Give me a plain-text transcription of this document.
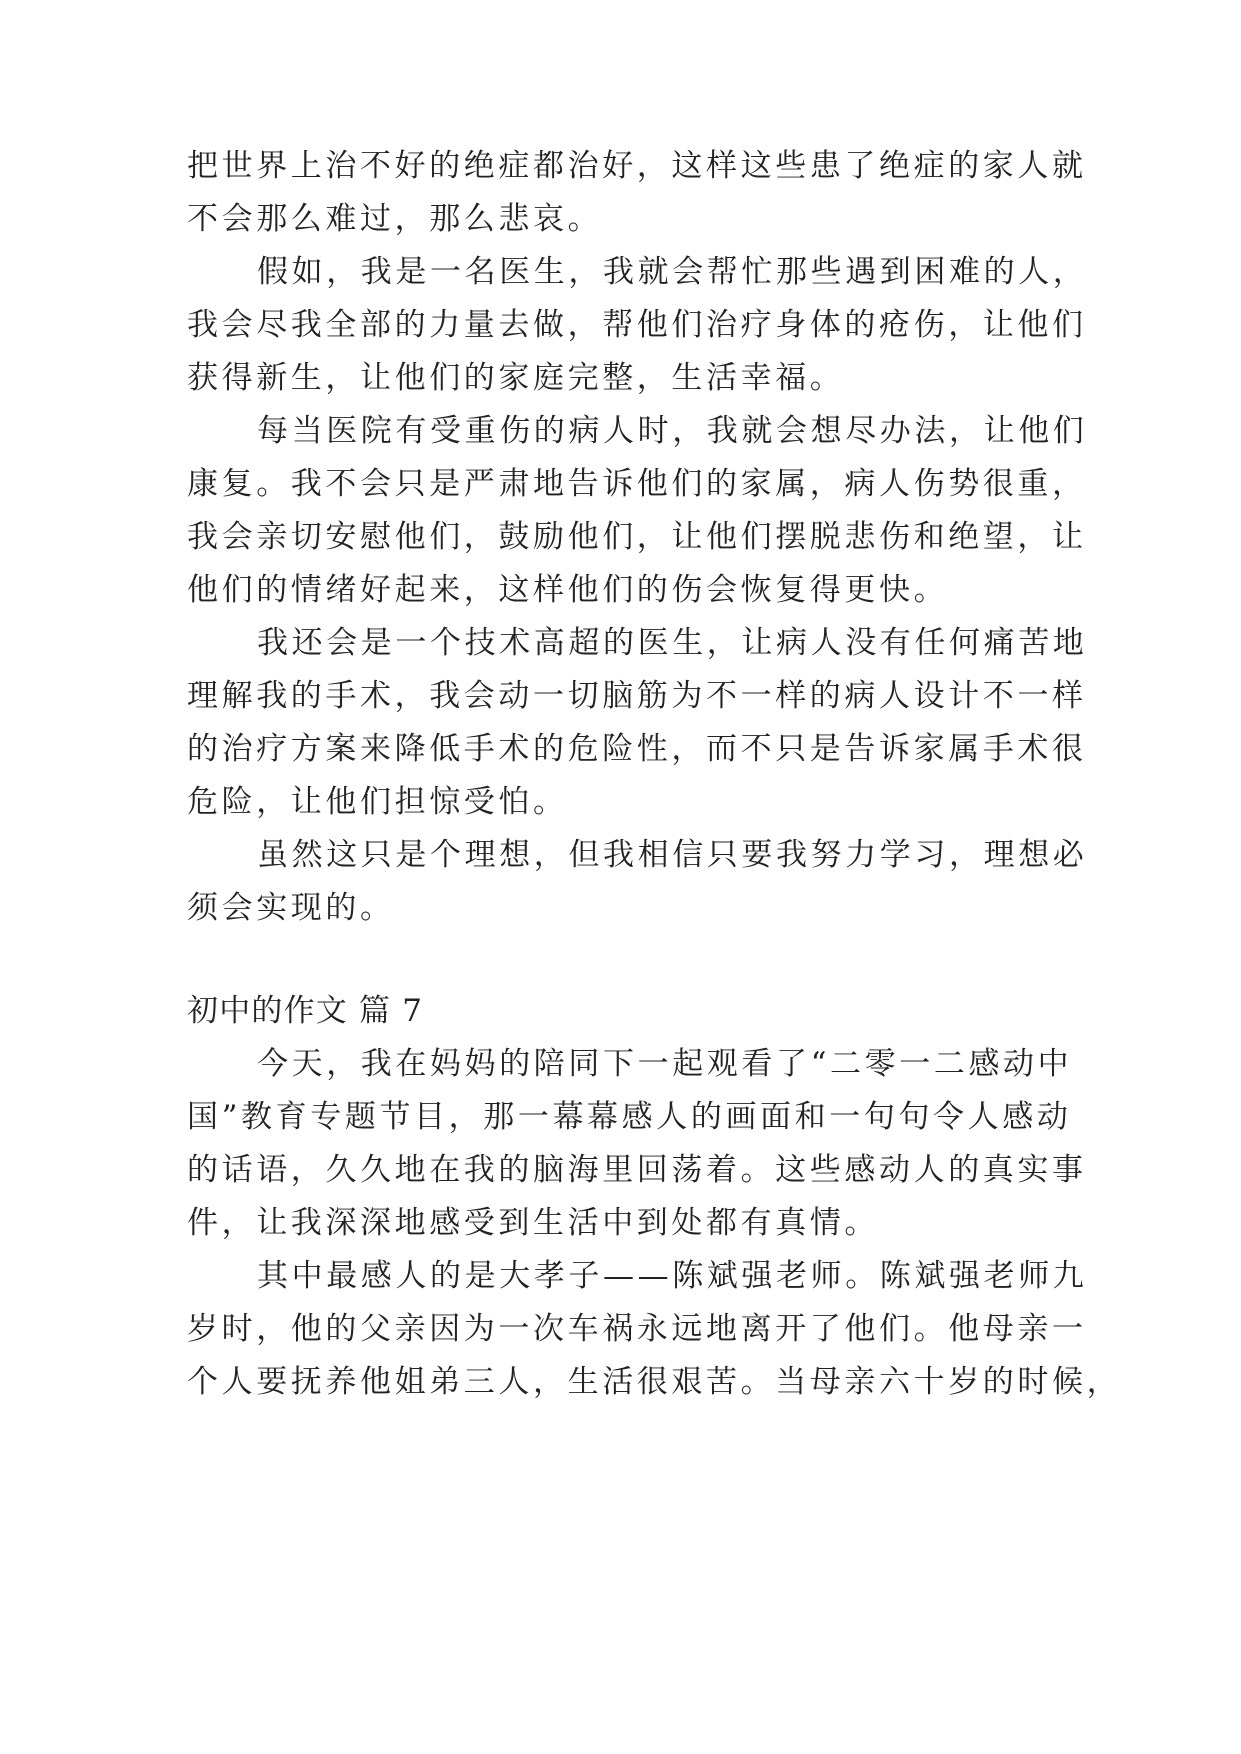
把世界上治不好的绝症都治好，这样这些患了绝症的家人就
不会那么难过，那么悲哀。
假如，我是一名医生，我就会帮忙那些遇到困难的人，
我会尽我全部的力量去做，帮他们治疗身体的疮伤，让他们
获得新生，让他们的家庭完整，生活幸福。
每当医院有受重伤的病人时，我就会想尽办法，让他们
康复。我不会只是严肃地告诉他们的家属，病人伤势很重，
我会亲切安慰他们，鼓励他们，让他们摆脱悲伤和绝望，让
他们的情绪好起来，这样他们的伤会恢复得更快。
我还会是一个技术高超的医生，让病人没有任何痛苦地
理解我的手术，我会动一切脑筋为不一样的病人设计不一样
的治疗方案来降低手术的危险性，而不只是告诉家属手术很
危险，让他们担惊受怕。
虽然这只是个理想，但我相信只要我努力学习，理想必
须会实现的。
初中的作文 篇 7
今天，我在妈妈的陪同下一起观看了“二零一二感动中
国”教育专题节目，那一幕幕感人的画面和一句句令人感动
的话语，久久地在我的脑海里回荡着。这些感动人的真实事
件，让我深深地感受到生活中到处都有真情。
其中最感人的是大孝子——陈斌强老师。陈斌强老师九
岁时，他的父亲因为一次车祸永远地离开了他们。他母亲一
个人要抚养他姐弟三人，生活很艰苦。当母亲六十岁的时候，
